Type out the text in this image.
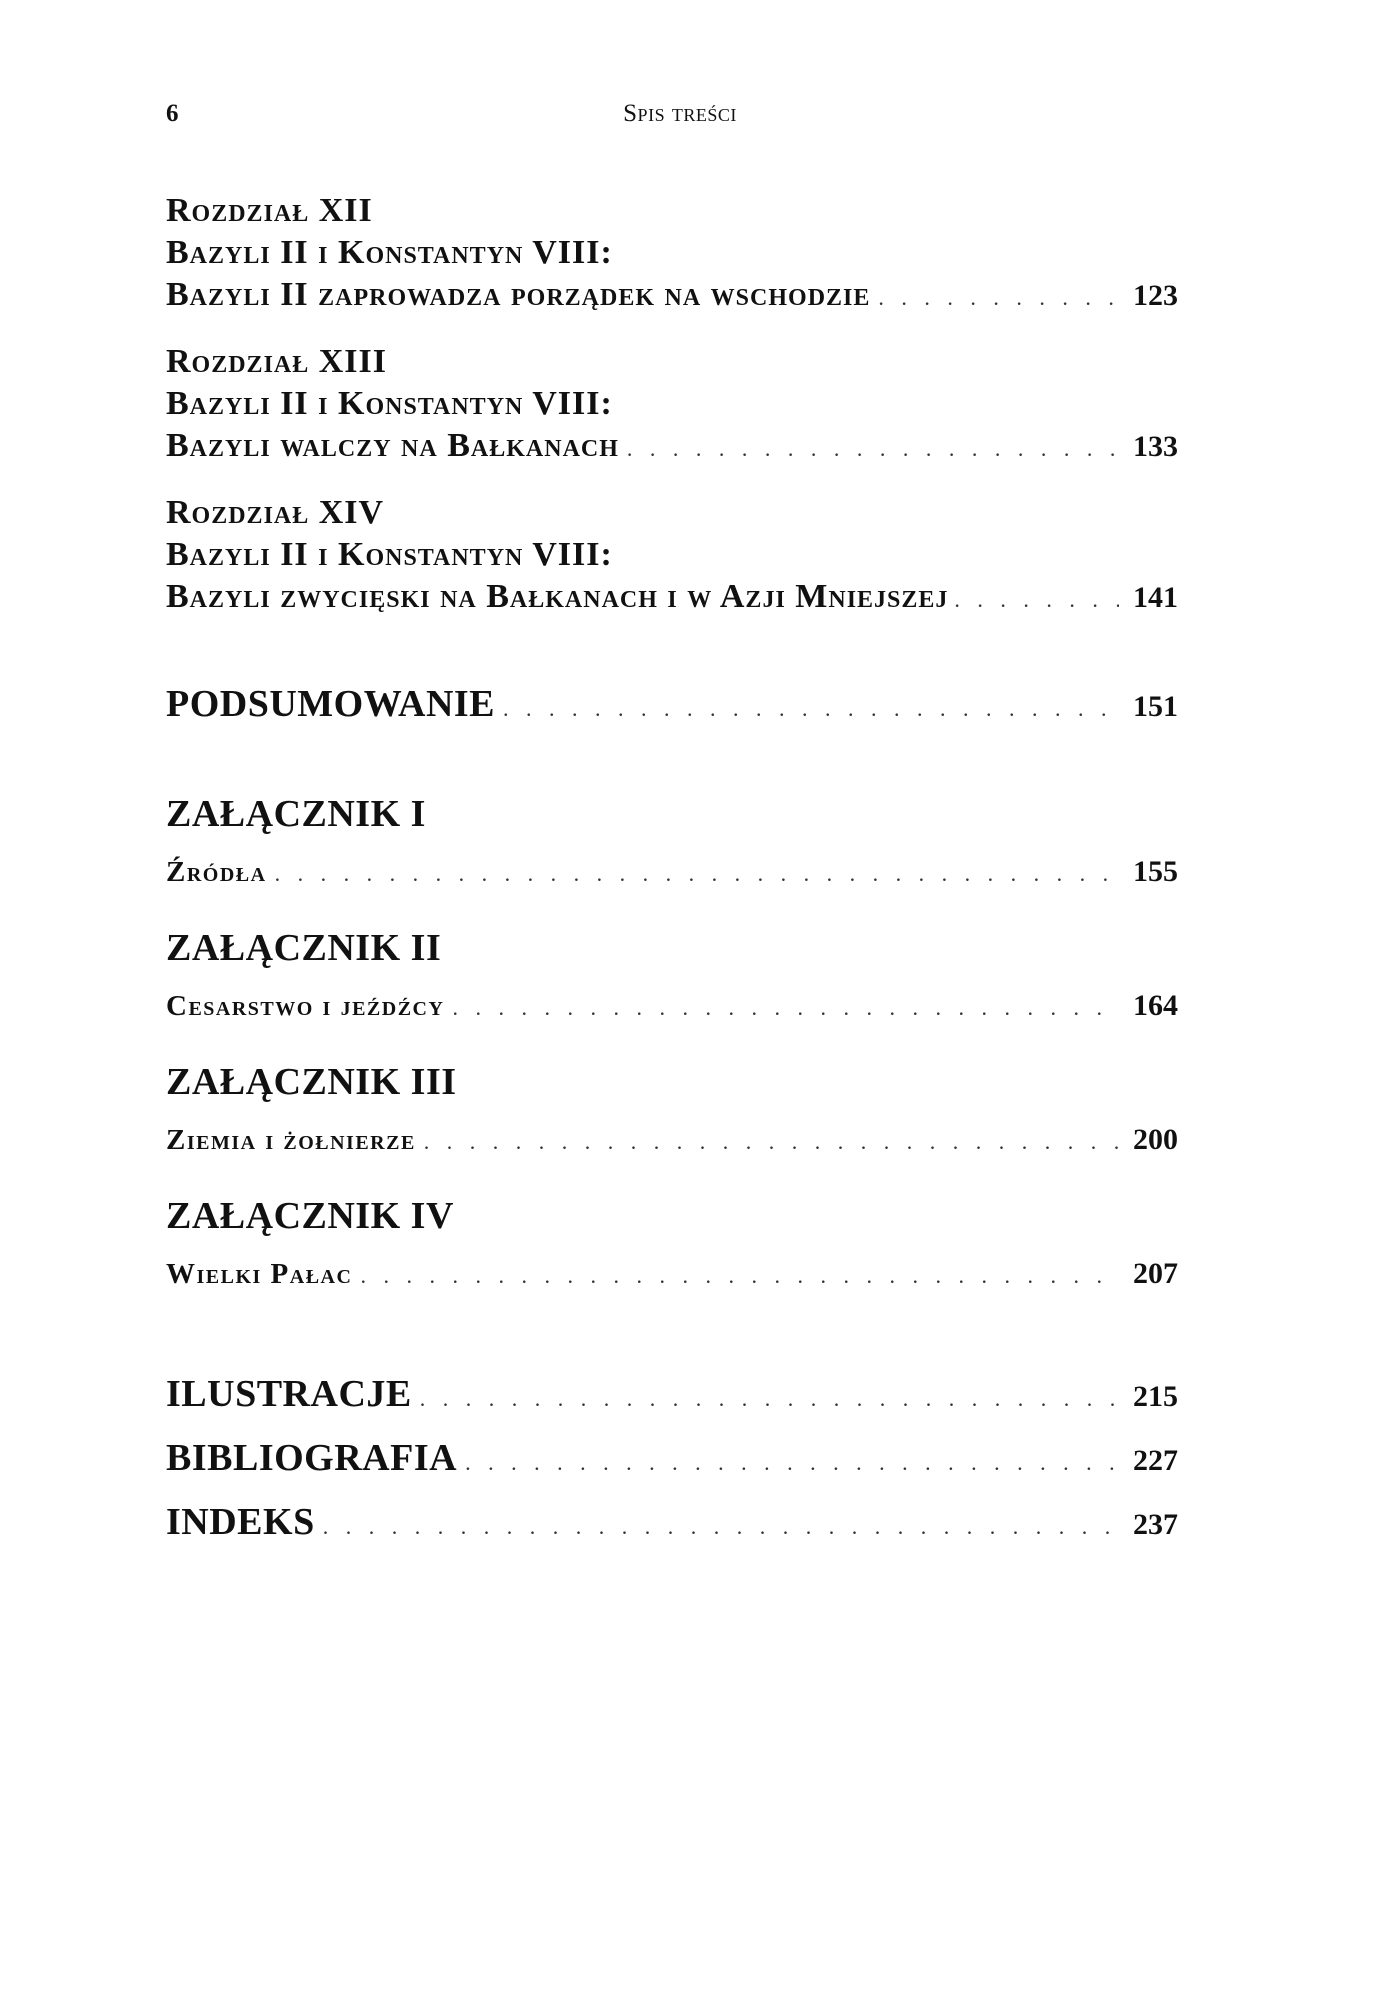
6	Spis treści
Rozdział XII
Bazyli II i Konstantyn VIII:
Bazyli II zaprowadza porządek na wschodzie . . .	123
Rozdział XIII
Bazyli II i Konstantyn VIII:
Bazyli walczy na Bałkanach . . .	133
Rozdział XIV
Bazyli II i Konstantyn VIII:
Bazyli zwycięski na Bałkanach i w Azji Mniejszej . . .	141
PODSUMOWANIE . . .	151
ZAŁĄCZNIK I
Źródła . . .	155
ZAŁĄCZNIK II
Cesarstwo i jeźdźcy . . .	164
ZAŁĄCZNIK III
Ziemia i żołnierze . . .	200
ZAŁĄCZNIK IV
Wielki Pałac . . .	207
ILUSTRACJE . . .	215
BIBLIOGRAFIA . . .	227
INDEKS . . .	237
